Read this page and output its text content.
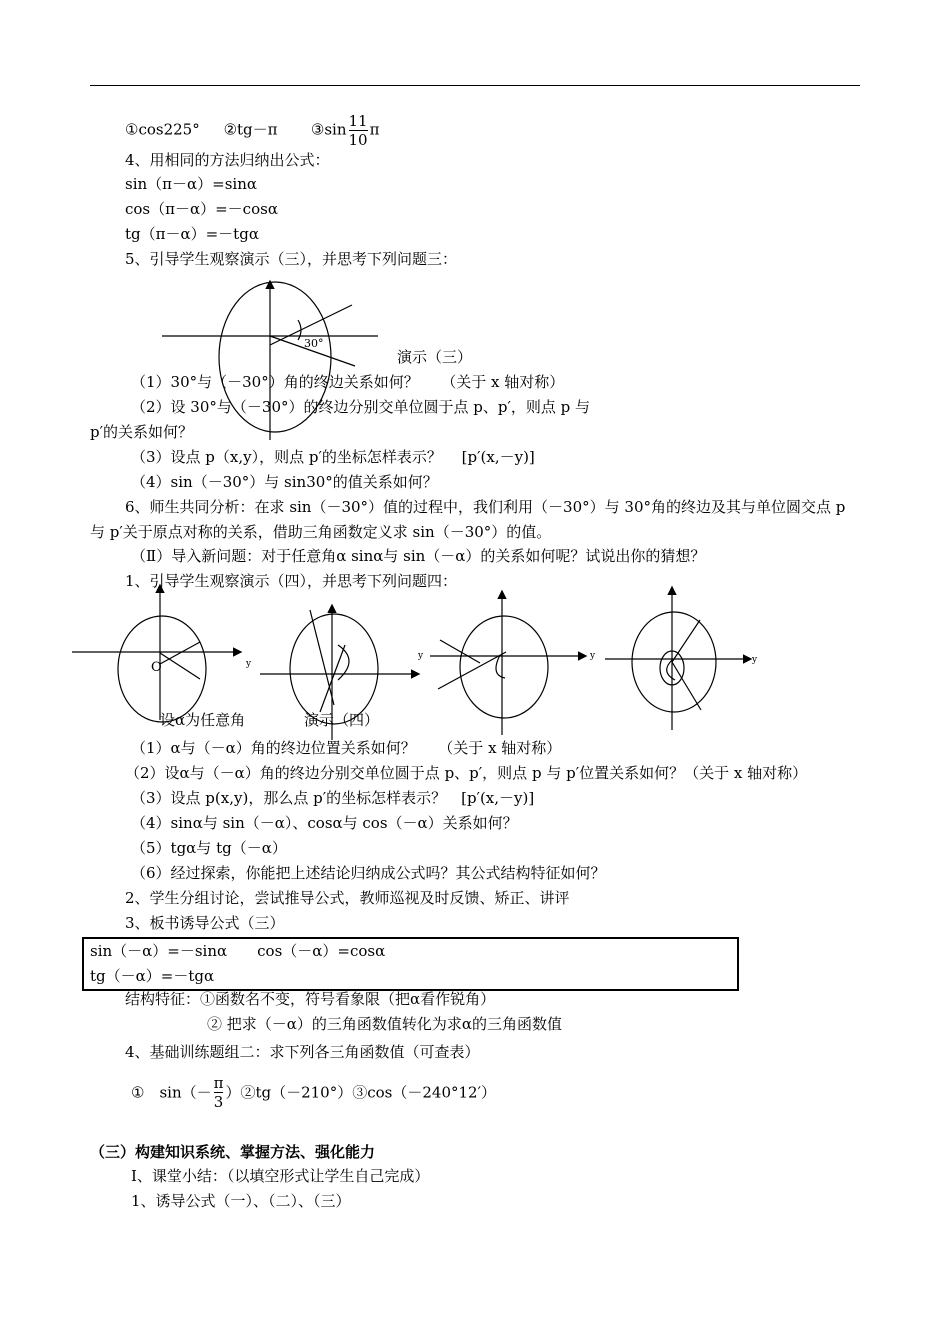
①cos225° ②tg－π ③sin $\frac{11}{10}$ π
4、用相同的方法归纳出公式：
sin（π－α）=sinα
cos（π－α）=－cosα
tg（π－α）=－tgα
5、引导学生观察演示（三），并思考下列问题三：
30°
演示（三）
（1）30°与（－30°）角的终边关系如何？　　（关于 x 轴对称）
（2）设 30°与（－30°）的终边分别交单位圆于点 p、p′，则点 p 与
p′的关系如何？
（3）设点 p（x,y），则点 p′的坐标怎样表示？　 [p′(x,－y)]
（4）sin（－30°）与 sin30°的值关系如何？
6、师生共同分析：在求 sin（－30°）值的过程中，我们利用（－30°）与 30°角的终边及其与单位圆交点 p
与 p′关于原点对称的关系，借助三角函数定义求 sin（－30°）的值。
（Ⅱ）导入新问题：对于任意角α sinα与 sin（－α）的关系如何呢？试说出你的猜想？
1、引导学生观察演示（四），并思考下列问题四：
O	y
y	y	y
设α为任意角	演示（四）
（1）α与（－α）角的终边位置关系如何？　　（关于 x 轴对称）
（2）设α与（－α）角的终边分别交单位圆于点 p、p′，则点 p 与 p′位置关系如何？（关于 x 轴对称）
（3）设点 p(x,y)，那么点 p′的坐标怎样表示？　[p′(x,－y)]
（4）sinα与 sin（－α）、cosα与 cos（－α）关系如何？
（5）tgα与 tg（－α）
（6）经过探索，你能把上述结论归纳成公式吗？其公式结构特征如何？
2、学生分组讨论，尝试推导公式，教师巡视及时反馈、矫正、讲评
3、板书诱导公式（三）
sin（－α）=－sinα　　cos（－α）=cosα
tg（－α）=－tgα
结构特征：①函数名不变，符号看象限（把α看作锐角）
② 把求（－α）的三角函数值转化为求α的三角函数值
4、基础训练题组二：求下列各三角函数值（可查表）
①　$\sin(- \frac{\pi}{3}$ ）②tg（－210°）③cos（－240°12′）
（三）构建知识系统、掌握方法、强化能力
Ⅰ、课堂小结：（以填空形式让学生自己完成）
1、诱导公式（一）、（二）、（三）
